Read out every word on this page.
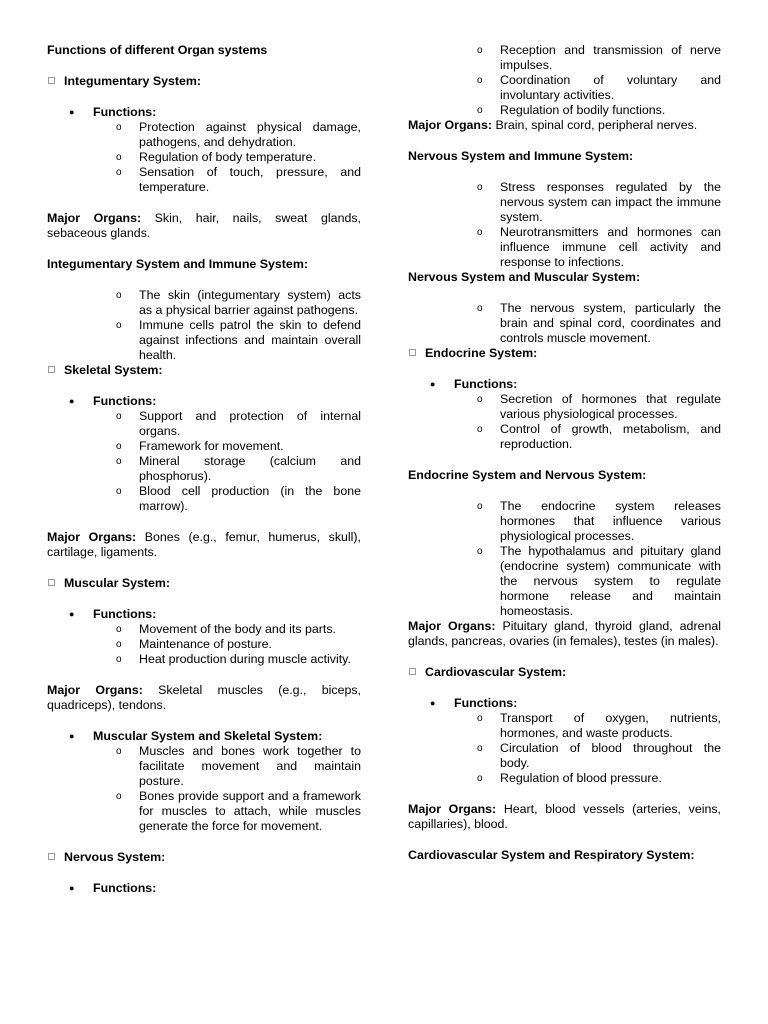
Functions of different Organ systems

Integumentary System:

●	Functions:
o	Protection against physical damage, pathogens, and dehydration.
o	Regulation of body temperature.
o	Sensation of touch, pressure, and temperature.

Major Organs: Skin, hair, nails, sweat glands, sebaceous glands.

Integumentary System and Immune System:

o	The skin (integumentary system) acts as a physical barrier against pathogens.
o	Immune cells patrol the skin to defend against infections and maintain overall health.

Skeletal System:

●	Functions:
o	Support and protection of internal organs.
o	Framework for movement.
o	Mineral storage (calcium and phosphorus).
o	Blood cell production (in the bone marrow).

Major Organs: Bones (e.g., femur, humerus, skull), cartilage, ligaments.

Muscular System:

●	Functions:
o	Movement of the body and its parts.
o	Maintenance of posture.
o	Heat production during muscle activity.

Major Organs: Skeletal muscles (e.g., biceps, quadriceps), tendons.

●	Muscular System and Skeletal System:
o	Muscles and bones work together to facilitate movement and maintain posture.
o	Bones provide support and a framework for muscles to attach, while muscles generate the force for movement.

Nervous System:

●	Functions:
o	Reception and transmission of nerve impulses.
o	Coordination of voluntary and involuntary activities.
o	Regulation of bodily functions.

Major Organs: Brain, spinal cord, peripheral nerves.

Nervous System and Immune System:

o	Stress responses regulated by the nervous system can impact the immune system.
o	Neurotransmitters and hormones can influence immune cell activity and response to infections.

Nervous System and Muscular System:

o	The nervous system, particularly the brain and spinal cord, coordinates and controls muscle movement.

Endocrine System:

●	Functions:
o	Secretion of hormones that regulate various physiological processes.
o	Control of growth, metabolism, and reproduction.

Endocrine System and Nervous System:

o	The endocrine system releases hormones that influence various physiological processes.
o	The hypothalamus and pituitary gland (endocrine system) communicate with the nervous system to regulate hormone release and maintain homeostasis.

Major Organs: Pituitary gland, thyroid gland, adrenal glands, pancreas, ovaries (in females), testes (in males).

Cardiovascular System:

●	Functions:
o	Transport of oxygen, nutrients, hormones, and waste products.
o	Circulation of blood throughout the body.
o	Regulation of blood pressure.

Major Organs: Heart, blood vessels (arteries, veins, capillaries), blood.

Cardiovascular System and Respiratory System:
